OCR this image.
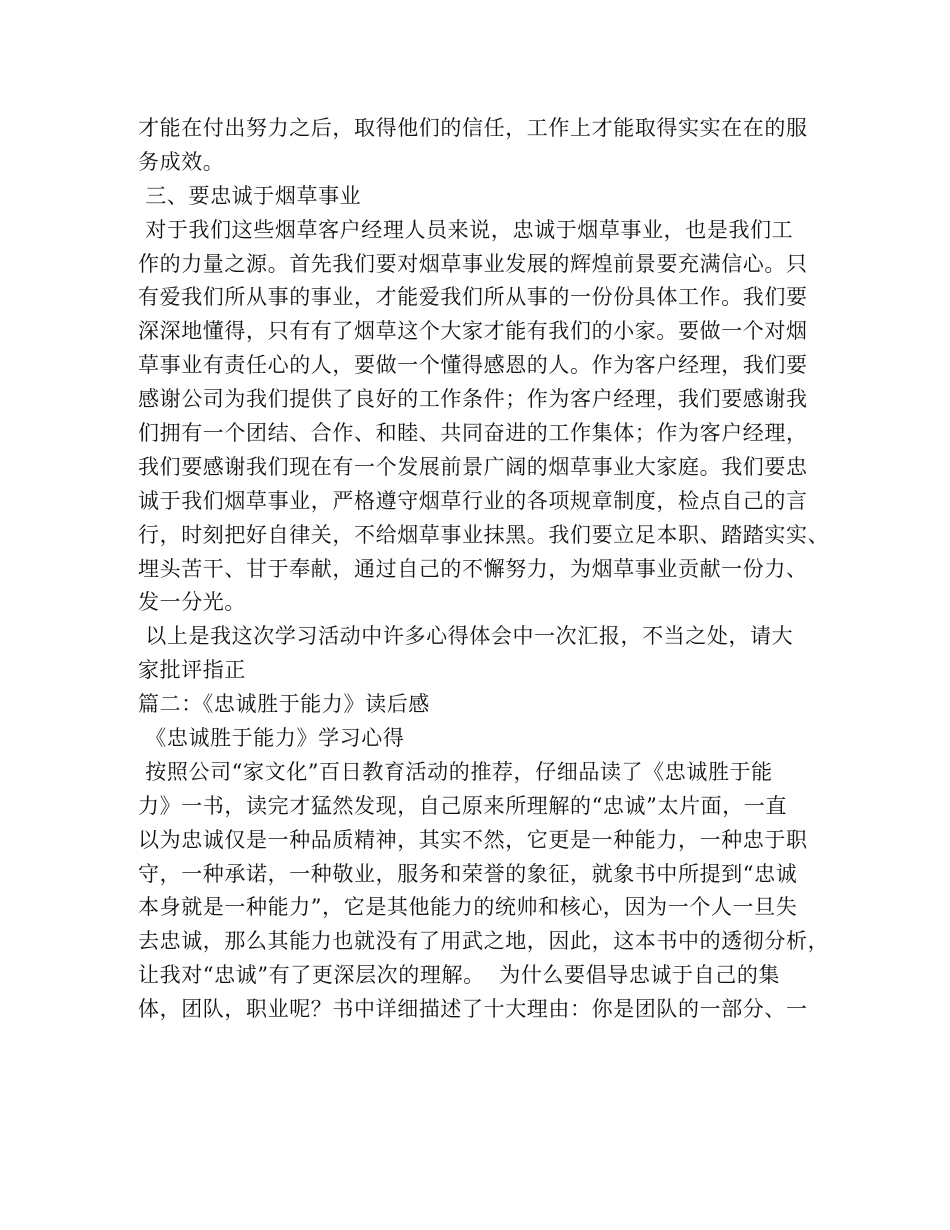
才能在付出努力之后，取得他们的信任，工作上才能取得实实在在的服
务成效。
三、要忠诚于烟草事业
对于我们这些烟草客户经理人员来说，忠诚于烟草事业，也是我们工
作的力量之源。首先我们要对烟草事业发展的辉煌前景要充满信心。只
有爱我们所从事的事业，才能爱我们所从事的一份份具体工作。我们要
深深地懂得，只有有了烟草这个大家才能有我们的小家。要做一个对烟
草事业有责任心的人，要做一个懂得感恩的人。作为客户经理，我们要
感谢公司为我们提供了良好的工作条件；作为客户经理，我们要感谢我
们拥有一个团结、合作、和睦、共同奋进的工作集体；作为客户经理，
我们要感谢我们现在有一个发展前景广阔的烟草事业大家庭。我们要忠
诚于我们烟草事业，严格遵守烟草行业的各项规章制度，检点自己的言
行，时刻把好自律关，不给烟草事业抹黑。我们要立足本职、踏踏实实、
埋头苦干、甘于奉献，通过自己的不懈努力，为烟草事业贡献一份力、
发一分光。
以上是我这次学习活动中许多心得体会中一次汇报，不当之处，请大
家批评指正
篇二：《忠诚胜于能力》读后感
《忠诚胜于能力》学习心得
按照公司“家文化”百日教育活动的推荐，仔细品读了《忠诚胜于能
力》一书，读完才猛然发现，自己原来所理解的“忠诚”太片面，一直
以为忠诚仅是一种品质精神，其实不然，它更是一种能力，一种忠于职
守，一种承诺，一种敬业，服务和荣誉的象征，就象书中所提到“忠诚
本身就是一种能力”，它是其他能力的统帅和核心，因为一个人一旦失
去忠诚，那么其能力也就没有了用武之地，因此，这本书中的透彻分析，
让我对“忠诚”有了更深层次的理解。  为什么要倡导忠诚于自己的集
体，团队，职业呢？书中详细描述了十大理由：你是团队的一部分、一
